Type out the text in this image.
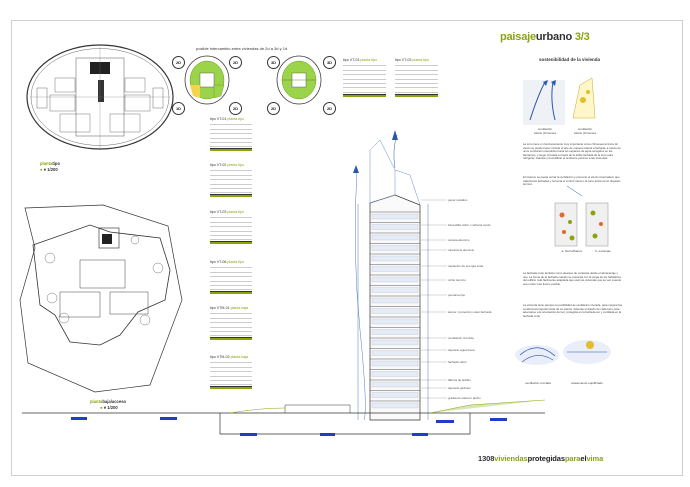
paisajeurbano 3/3
1308viviendasprotegidasparaelvima
posible intercambio entre viviendas de 2d a 3d y 1d
2D	2D
1D	2D
3D	3D
2D	2D
plantatipo
● e 1/200
plantabaja/acceso
● e 1/200
tipo VT-01 planta tipo
tipo VT-02 planta tipo
tipo VT-03 planta tipo
tipo VT-06 planta tipo
tipo VTM-01 planta baja
tipo VTM-02 planta baja
tipo VT-03 planta tipo	tipo VT-03 planta tipo
panel metálico
barandilla vidrio / cubierta verde
celosía aluminio
carpintería aluminio
captación de energía solar
vidrio térmico
persiana tipo
aleros / protección solar fachada
ventilación cruzada
depósito agua lluvia
fachada vidrio
fábrica de ladrillo
depósito jardines
gradiente natural / jardín
sostenibilidad de la vivienda
ventilación
efecto chimenea
ventilación
efecto chimenea
La torre tiene un funcionamiento muy importante como chimenea térmica. El viento se puede hacer circular el aire de manera natural a fachada, a través de unos conductos enterrados hacia los espacios de agua recogidos en los barrancos, y luego circulará a través de la doble fachada de la torre para refrigerar, calentar y humidificar el ambiente próximo a las viviendas.
El invierno se puede cerrar la ventilación y provocar el efecto invernadero que calienta las fachadas y fomenta el confort interior, la torre actúa como depósito térmico.
a: hierro/blanco	b: escamas
La fachada norte también como aparece de ventanas desde el almacenaje y uso. La forma de la fachada cuando se presenta con la carga de los habitantes del edificio más fácilmente adaptada que usar las viviendas que se ven cuando sea el aire más fresco posible.
La vivienda tiene siempre la posibilidad de ventilación cruzada, para mejorar las condiciones higrotérmicas de su interior. Además el diseño de cada torre para adecuarse a la orientación del sol, protegida en la fachada sur y ventilada en la fachada norte.
ventilación cruzada	soleamiento equilibrado
